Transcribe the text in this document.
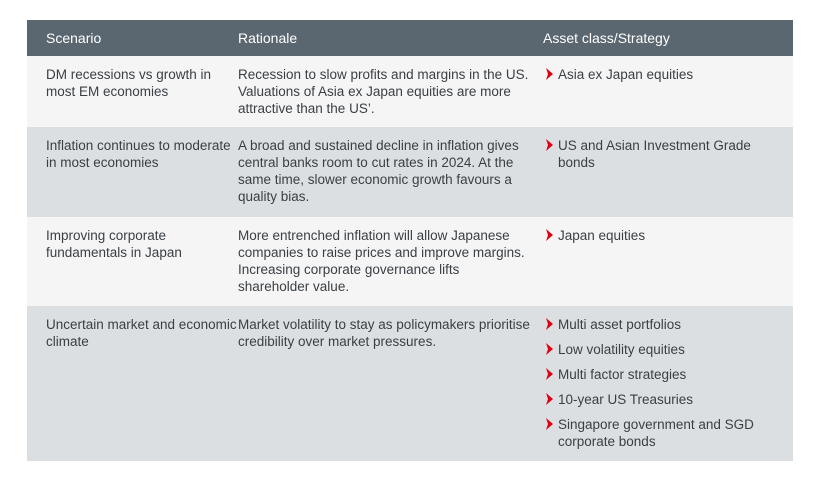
Scenario	Rationale	Asset class/Strategy
DM recessions vs growth in most EM economies
Recession to slow profits and margins in the US. Valuations of Asia ex Japan equities are more attractive than the US’.
Asia ex Japan equities
Inflation continues to moderate in most economies
A broad and sustained decline in inflation gives central banks room to cut rates in 2024. At the same time, slower economic growth favours a quality bias.
US and Asian Investment Grade bonds
Improving corporate fundamentals in Japan
More entrenched inflation will allow Japanese companies to raise prices and improve margins. Increasing corporate governance lifts shareholder value.
Japan equities
Uncertain market and economic climate
Market volatility to stay as policymakers prioritise credibility over market pressures.
Multi asset portfolios
Low volatility equities
Multi factor strategies
10-year US Treasuries
Singapore government and SGD corporate bonds
